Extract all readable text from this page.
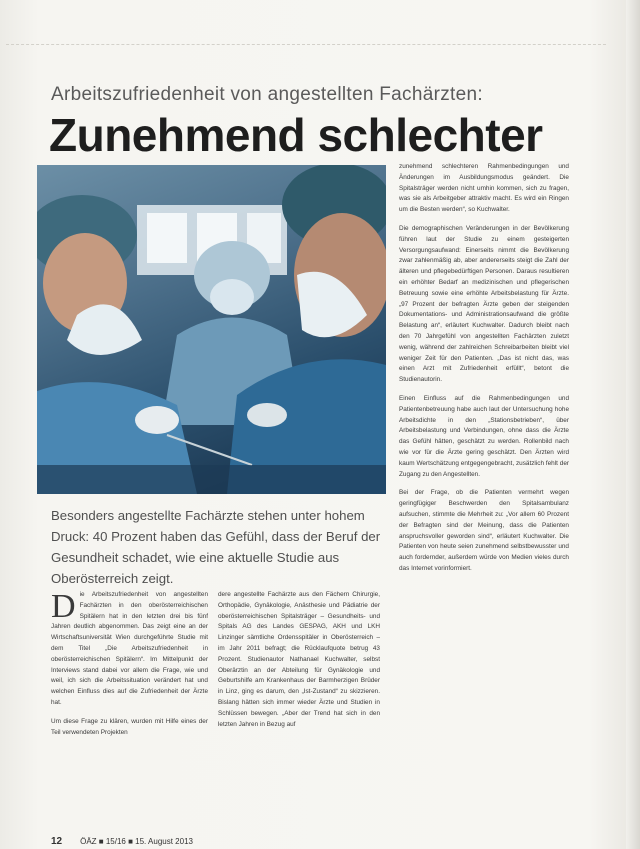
Arbeitszufriedenheit von angestellten Fachärzten:
Zunehmend schlechter

Besonders angestellte Fachärzte stehen unter hohem Druck: 40 Prozent haben das Gefühl, dass der Beruf der Gesundheit schadet, wie eine aktuelle Studie aus Oberösterreich zeigt.

Die Arbeitszufriedenheit von angestellten Fachärzten in den oberösterreichischen Spitälern hat in den letzten drei bis fünf Jahren deutlich abgenommen. Das zeigt eine an der Wirtschaftsuniversität Wien durchgeführte Studie mit dem Titel „Die Arbeitszufriedenheit in oberösterreichischen Spitälern“. Im Mittelpunkt der Interviews stand dabei vor allem die Frage, wie und weil, ich sich die Arbeitssituation verändert hat und welchen Einfluss dies auf die Zufriedenheit der Ärzte hat.

Um diese Frage zu klären, wurden mit Hilfe eines der Teil verwendeten Projekten

dere angestellte Fachärzte aus den Fächern Chirurgie, Orthopädie, Gynäkologie, Anästhesie und Pädiatrie der oberösterreichischen Spitalsträger – Gesundheits- und Spitals AG des Landes GESPAG, AKH und LKH Linzinger sämtliche Ordensspitäler in Oberösterreich – im Jahr 2011 befragt; die Rücklaufquote betrug 43 Prozent. Studienautor Nathanael Kuchwalter, selbst Oberärztin an der Abteilung für Gynäkologie und Geburtshilfe am Krankenhaus der Barmherzigen Brüder in Linz, ging es darum, den „Ist-Zustand“ zu skizzieren. Bislang hätten sich immer wieder Ärzte und Studien in Schlüssen bewegen. „Aber der Trend hat sich in den letzten Jahren in Bezug auf

zunehmend schlechteren Rahmenbedingungen und Änderungen im Ausbildungsmodus geändert. Die Spitalsträger werden nicht umhin kommen, sich zu fragen, was sie als Arbeitgeber attraktiv macht. Es wird ein Ringen um die Besten werden“, so Kuchwalter.

Die demographischen Veränderungen in der Bevölkerung führen laut der Studie zu einem gesteigerten Versorgungsaufwand: Einerseits nimmt die Bevölkerung zwar zahlenmäßig ab, aber andererseits steigt die Zahl der älteren und pflegebedürftigen Personen. Daraus resultieren ein erhöhter Bedarf an medizinischen und pflegerischen Betreuung sowie eine erhöhte Arbeitsbelastung für Ärzte. „97 Prozent der befragten Ärzte geben der steigenden Dokumentations- und Administrationsaufwand die größte Belastung an“, erläutert Kuchwalter. Dadurch bleibt nach den 70 Jahrgefühl von angestellten Fachärzten zuletzt wenig, während der zahlreichen Schreibarbeiten bleibt viel weniger Zeit für den Patienten. „Das ist nicht das, was einen Arzt mit Zufriedenheit erfüllt“, betont die Studienautorin.

Einen Einfluss auf die Rahmenbedingungen und Patientenbetreuung habe auch laut der Untersuchung hohe Arbeitsdichte in den „Stationsbetrieben“, über Arbeitsbelastung und Verbindungen, ohne dass die Ärzte das Gefühl hätten, geschätzt zu werden. Rollenbild nach wie vor für die Ärzte gering geschätzt. Den Ärzten wird kaum Wertschätzung entgegengebracht, zusätzlich fehlt der Zugang zu den Angestellten.

Bei der Frage, ob die Patienten vermehrt wegen geringfügiger Beschwerden den Spitalsambulanz aufsuchen, stimmte die Mehrheit zu: „Vor allem 60 Prozent der Befragten sind der Meinung, dass die Patienten anspruchsvoller geworden sind“, erläutert Kuchwalter. Die Patienten von heute seien zunehmend selbstbewusster und auch fordernder, außerdem würde von Medien vieles durch das Internet vorinformiert.

12 ÖÄZ ■ 15/16 ■ 15. August 2013
